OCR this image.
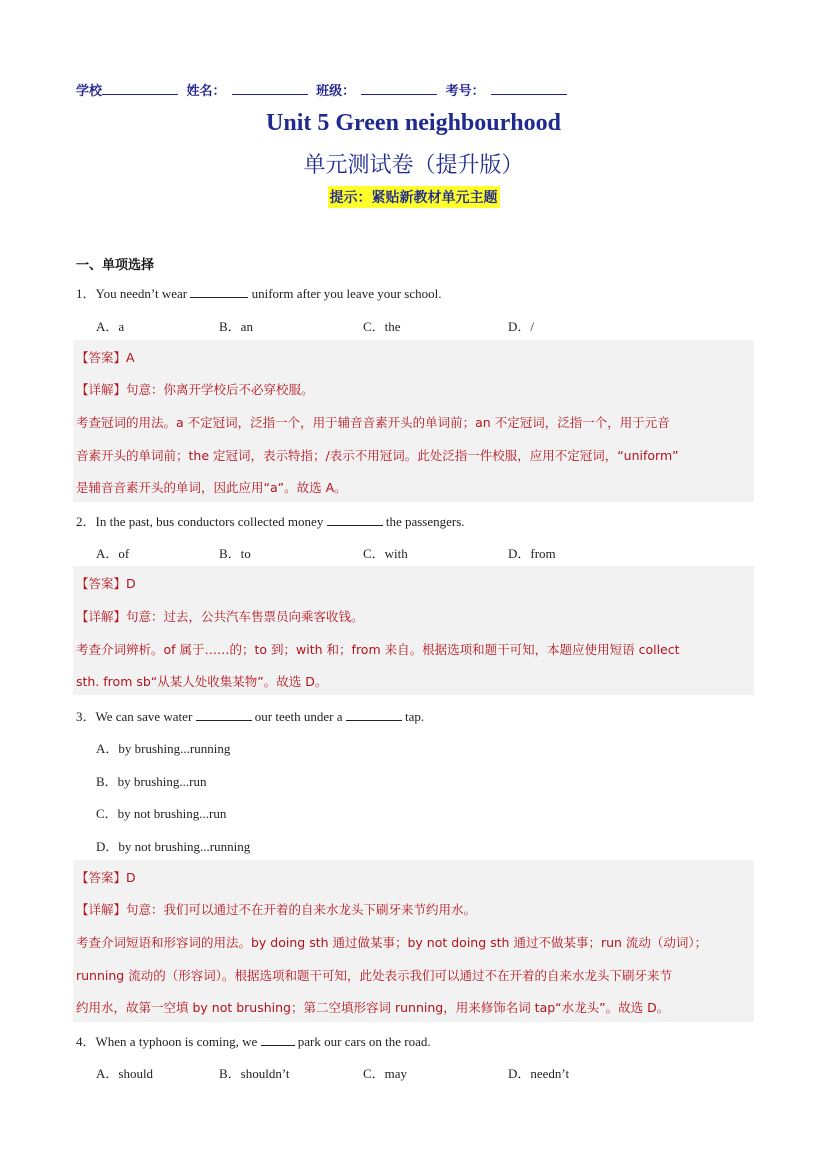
学校	姓名：	班级：	考号：
Unit 5 Green neighbourhood
单元测试卷（提升版）
提示：紧贴新教材单元主题
一、单项选择
1．You needn’t wear	uniform after you leave your school.
A．a	B．an	C．the	D．/
【答案】A
【详解】句意：你离开学校后不必穿校服。
考查冠词的用法。a 不定冠词，泛指一个，用于辅音音素开头的单词前；an 不定冠词，泛指一个，用于元音
音素开头的单词前；the 定冠词，表示特指；/表示不用冠词。此处泛指一件校服，应用不定冠词，“uniform”
是辅音音素开头的单词，因此应用“a”。故选 A。
2．In the past, bus conductors collected money	the passengers.
A．of	B．to	C．with	D．from
【答案】D
【详解】句意：过去，公共汽车售票员向乘客收钱。
考查介词辨析。of 属于……的；to 到；with 和；from 来自。根据选项和题干可知，本题应使用短语 collect
sth. from sb“从某人处收集某物”。故选 D。
3．We can save water	our teeth under a	tap.
A．by brushing...running
B．by brushing...run
C．by not brushing...run
D．by not brushing...running
【答案】D
【详解】句意：我们可以通过不在开着的自来水龙头下刷牙来节约用水。
考查介词短语和形容词的用法。by doing sth 通过做某事；by not doing sth 通过不做某事；run 流动（动词）；
running 流动的（形容词）。根据选项和题干可知，此处表示我们可以通过不在开着的自来水龙头下刷牙来节
约用水，故第一空填 by not brushing；第二空填形容词 running，用来修饰名词 tap“水龙头”。故选 D。
4．When a typhoon is coming, we	park our cars on the road.
A．should	B．shouldn’t	C．may	D．needn’t
